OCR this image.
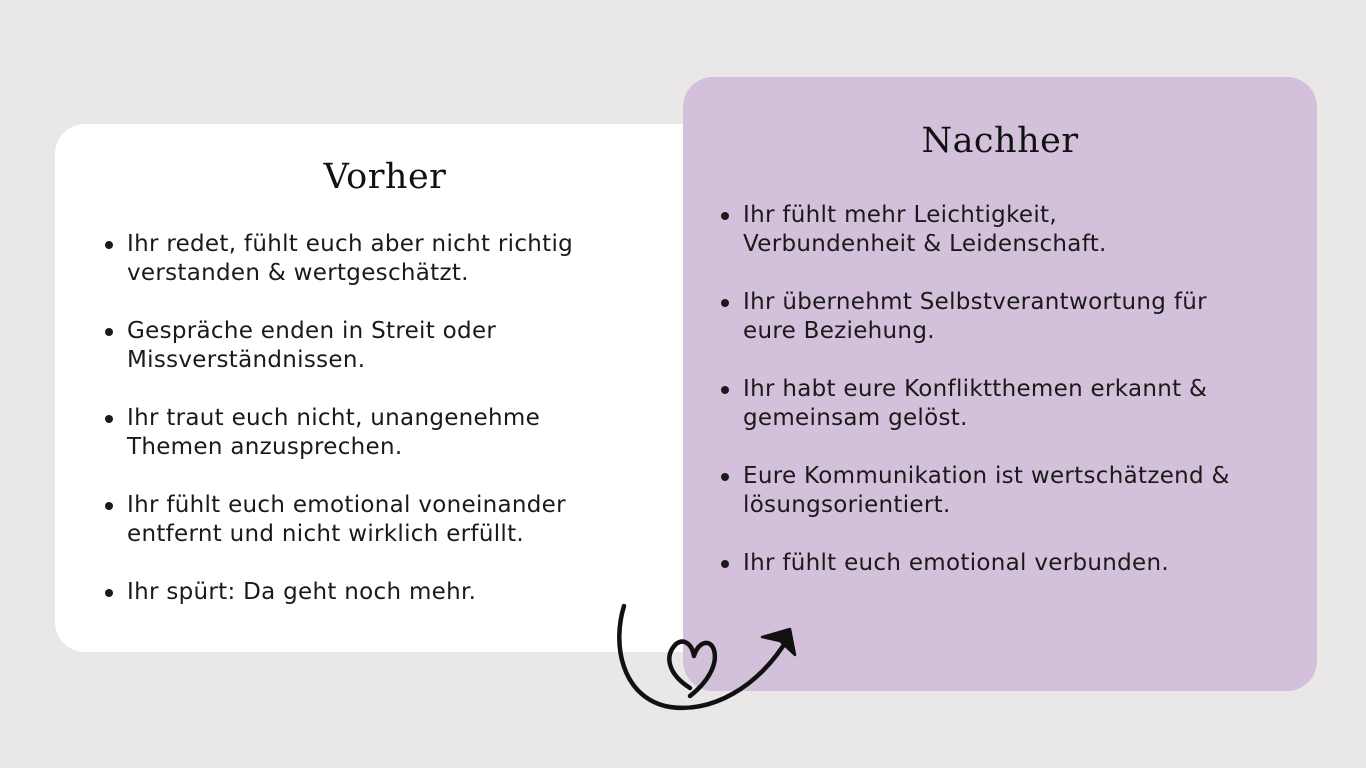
Vorher
Ihr redet, fühlt euch aber nicht richtig
verstanden & wertgeschätzt.
Gespräche enden in Streit oder
Missverständnissen.
Ihr traut euch nicht, unangenehme
Themen anzusprechen.
Ihr fühlt euch emotional voneinander
entfernt und nicht wirklich erfüllt.
Ihr spürt: Da geht noch mehr.
Nachher
Ihr fühlt mehr Leichtigkeit,
Verbundenheit & Leidenschaft.
Ihr übernehmt Selbstverantwortung für
eure Beziehung.
Ihr habt eure Konfliktthemen erkannt &
gemeinsam gelöst.
Eure Kommunikation ist wertschätzend &
lösungsorientiert.
Ihr fühlt euch emotional verbunden.
